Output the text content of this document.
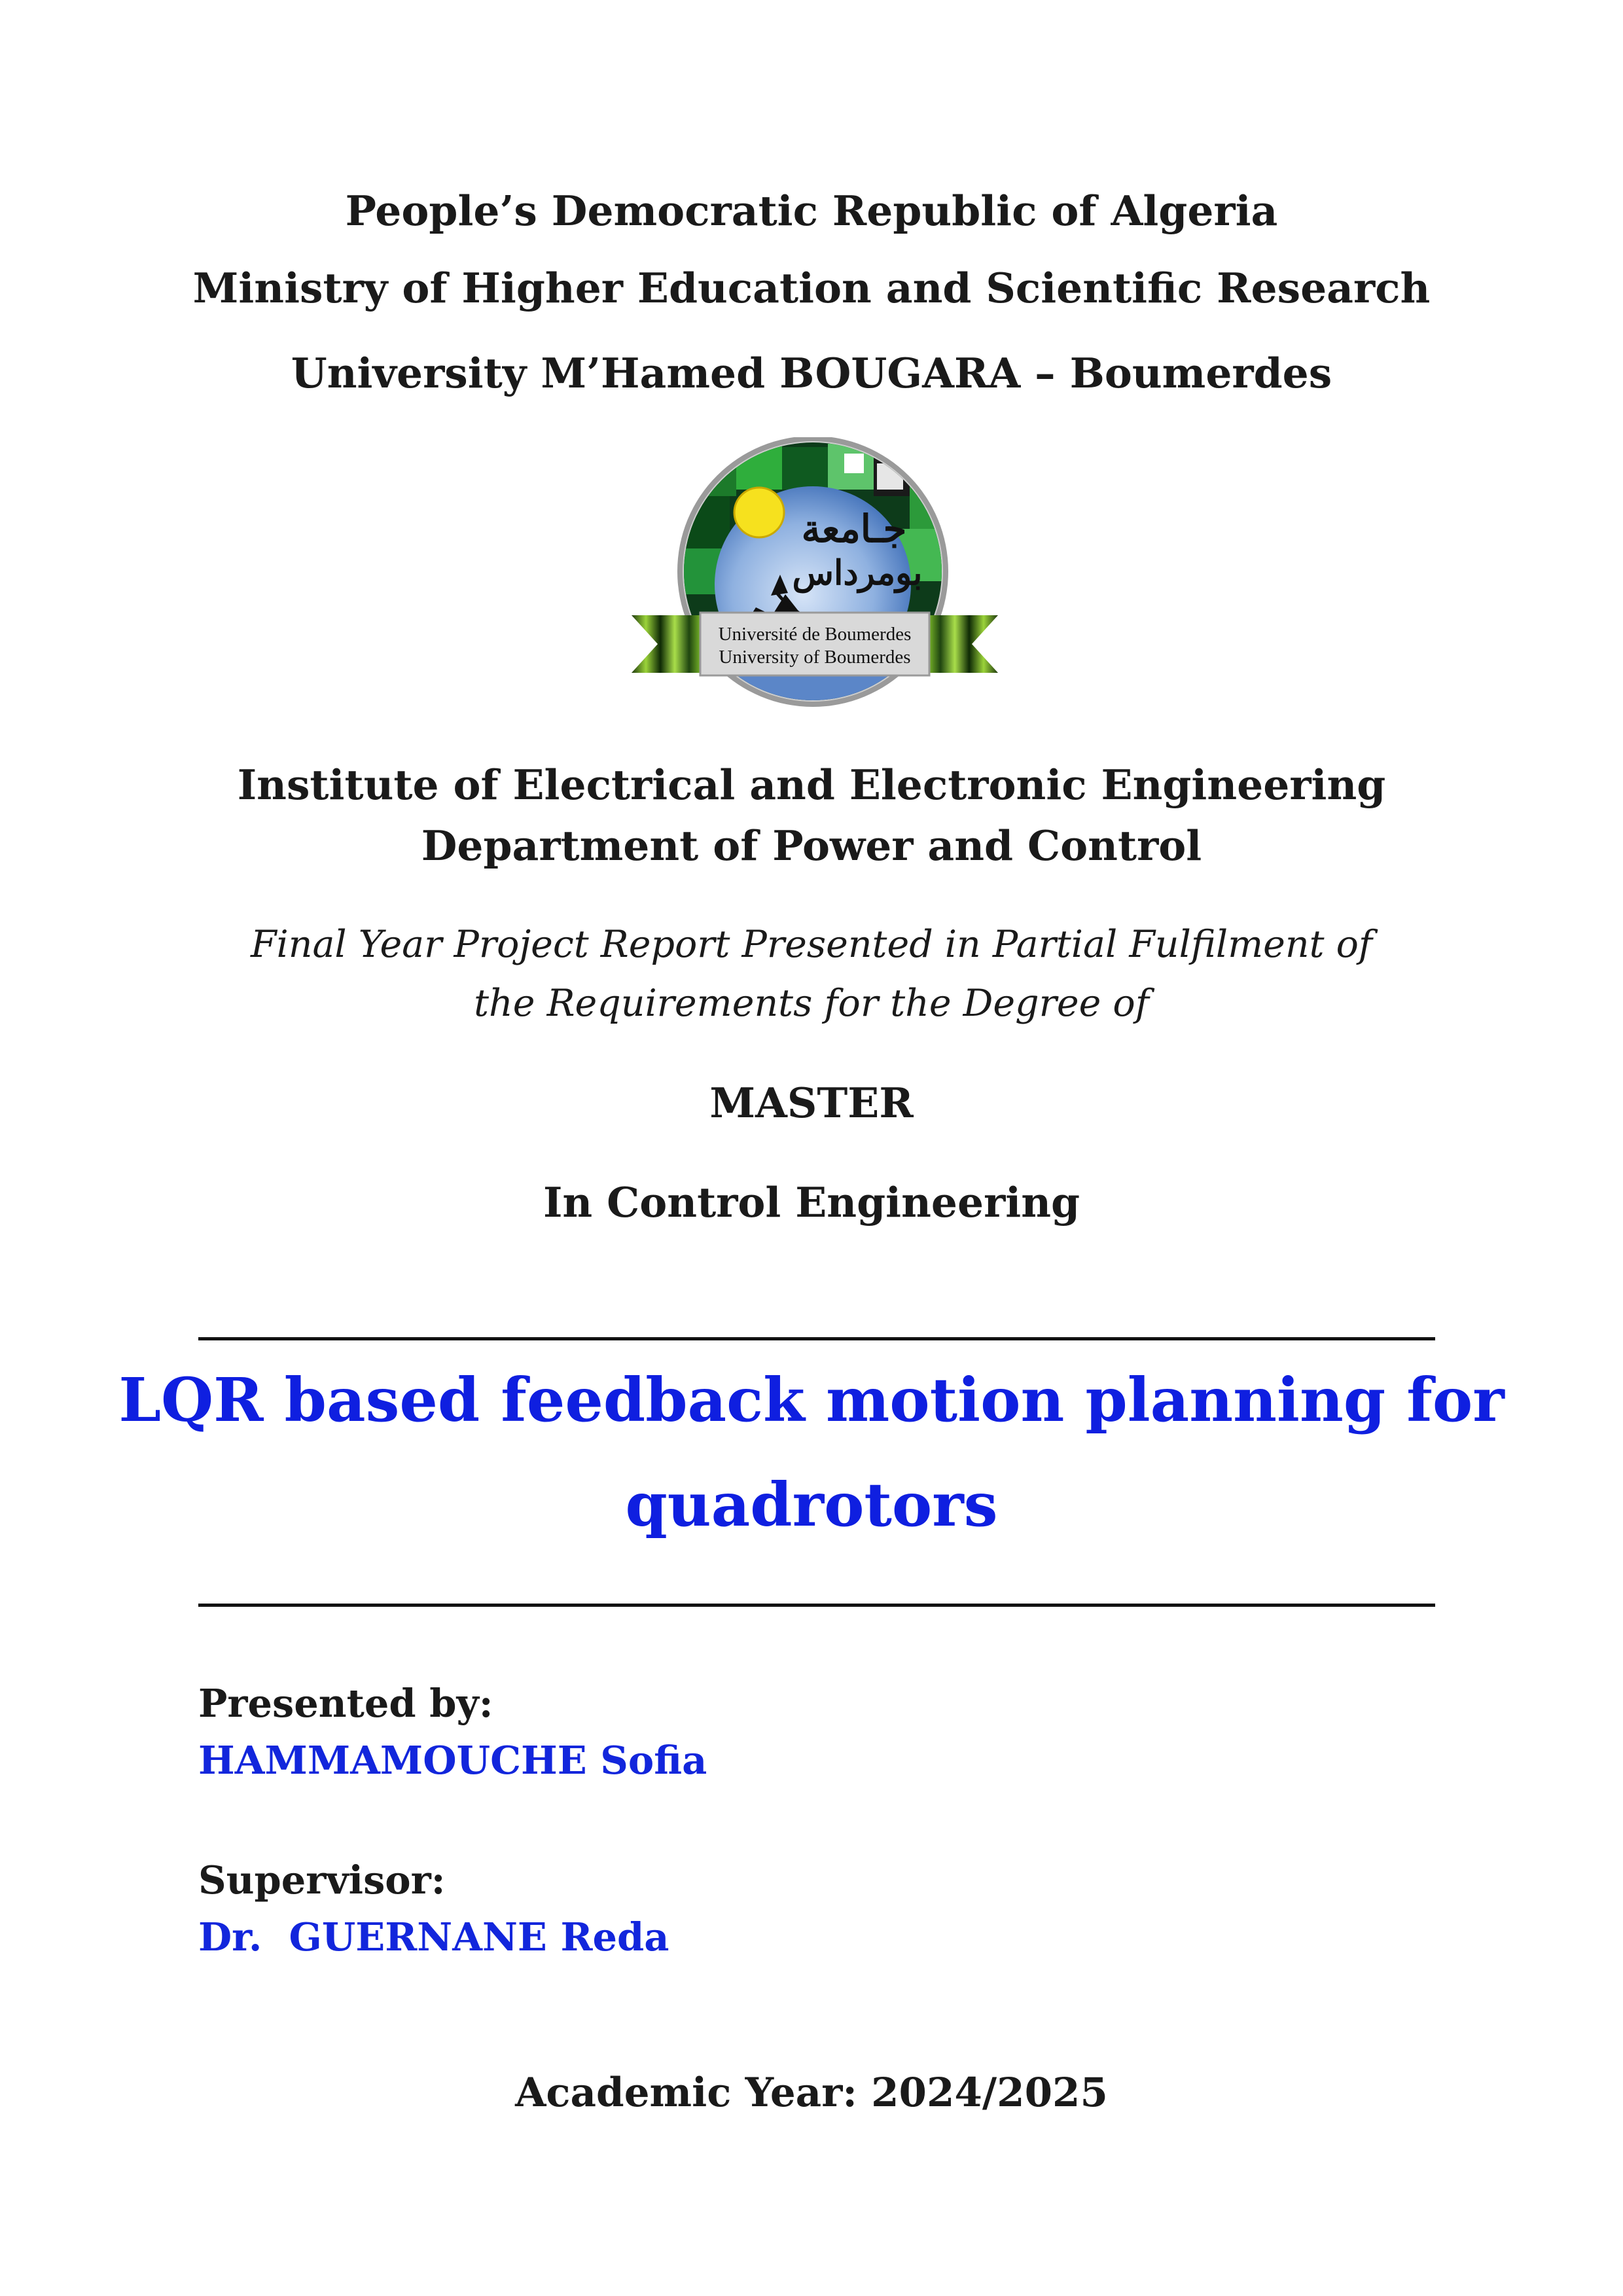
People’s Democratic Republic of Algeria
Ministry of Higher Education and Scientific Research
University M’Hamed BOUGARA – Boumerdes
جـامعة
بومرداس
Université de Boumerdes
University of Boumerdes
Institute of Electrical and Electronic Engineering
Department of Power and Control
Final Year Project Report Presented in Partial Fulfilment of
the Requirements for the Degree of
MASTER
In Control Engineering
LQR based feedback motion planning for
quadrotors
Presented by:
HAMMAMOUCHE Sofia
Supervisor:
Dr.  GUERNANE Reda
Academic Year: 2024/2025
